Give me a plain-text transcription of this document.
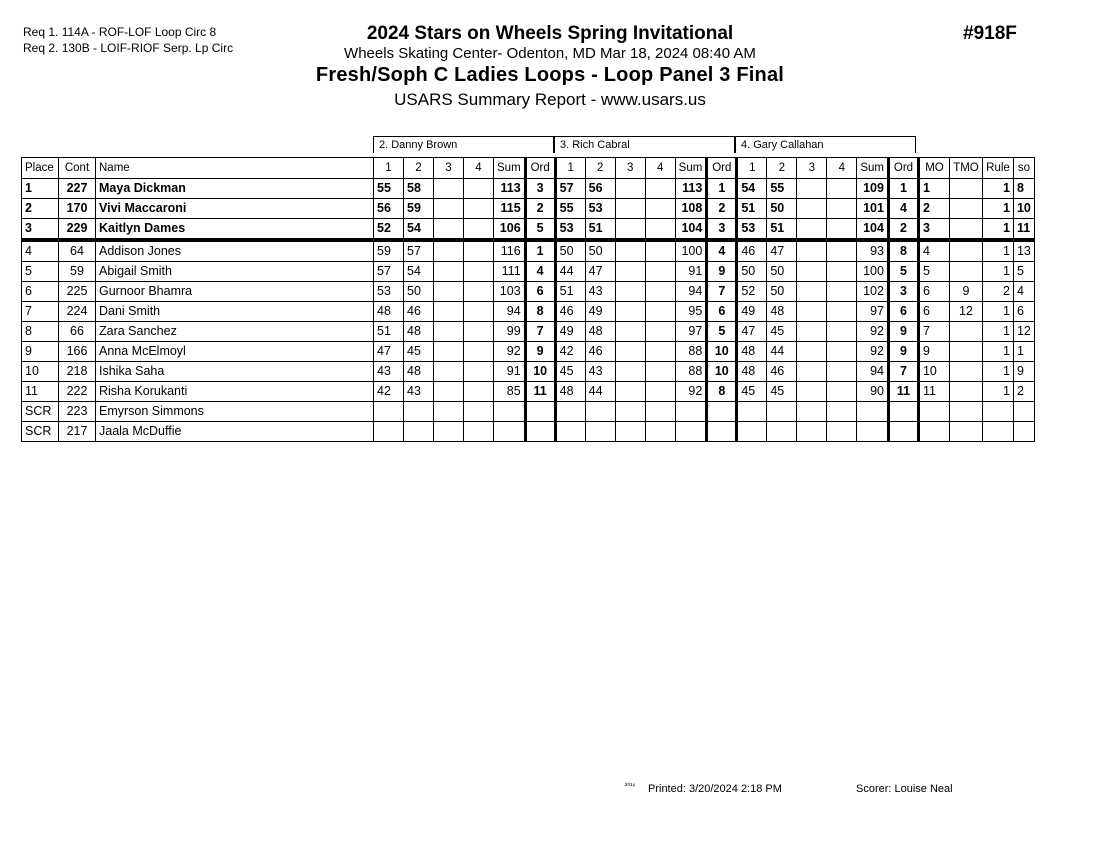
Req 1. 114A - ROF-LOF Loop Circ 8
Req 2. 130B - LOIF-RIOF Serp. Lp Circ
2024 Stars on Wheels Spring Invitational
Wheels Skating Center- Odenton, MD Mar 18, 2024 08:40 AM
Fresh/Soph C Ladies Loops - Loop Panel 3 Final
USARS Summary Report - www.usars.us
#918F
2. Danny Brown	3. Rich Cabral	4. Gary Callahan
Place	Cont	Name	1	2	3	4	Sum	Ord	1	2	3	4	Sum	Ord	1	2	3	4	Sum	Ord	MO	TMO	Rule	so
1	227	Maya Dickman	55	58			113	3	57	56			113	1	54	55			109	1	1		1	8
2	170	Vivi Maccaroni	56	59			115	2	55	53			108	2	51	50			101	4	2		1	10
3	229	Kaitlyn Dames	52	54			106	5	53	51			104	3	53	51			104	2	3		1	11
4	64	Addison Jones	59	57			116	1	50	50			100	4	46	47			93	8	4		1	13
5	59	Abigail Smith	57	54			111	4	44	47			91	9	50	50			100	5	5		1	5
6	225	Gurnoor Bhamra	53	50			103	6	51	43			94	7	52	50			102	3	6	9	2	4
7	224	Dani Smith	48	46			94	8	46	49			95	6	49	48			97	6	6	12	1	6
8	66	Zara Sanchez	51	48			99	7	49	48			97	5	47	45			92	9	7		1	12
9	166	Anna McElmoyl	47	45			92	9	42	46			88	10	48	44			92	9	9		1	1
10	218	Ishika Saha	43	48			91	10	45	43			88	10	48	46			94	7	10		1	9
11	222	Risha Korukanti	42	43			85	11	48	44			92	8	45	45			90	11	11		1	2
SCR	223	Emyrson Simmons																						
SCR	217	Jaala McDuffie																						
²⁰¹⁶ Printed: 3/20/2024 2:18 PM	Scorer: Louise Neal
